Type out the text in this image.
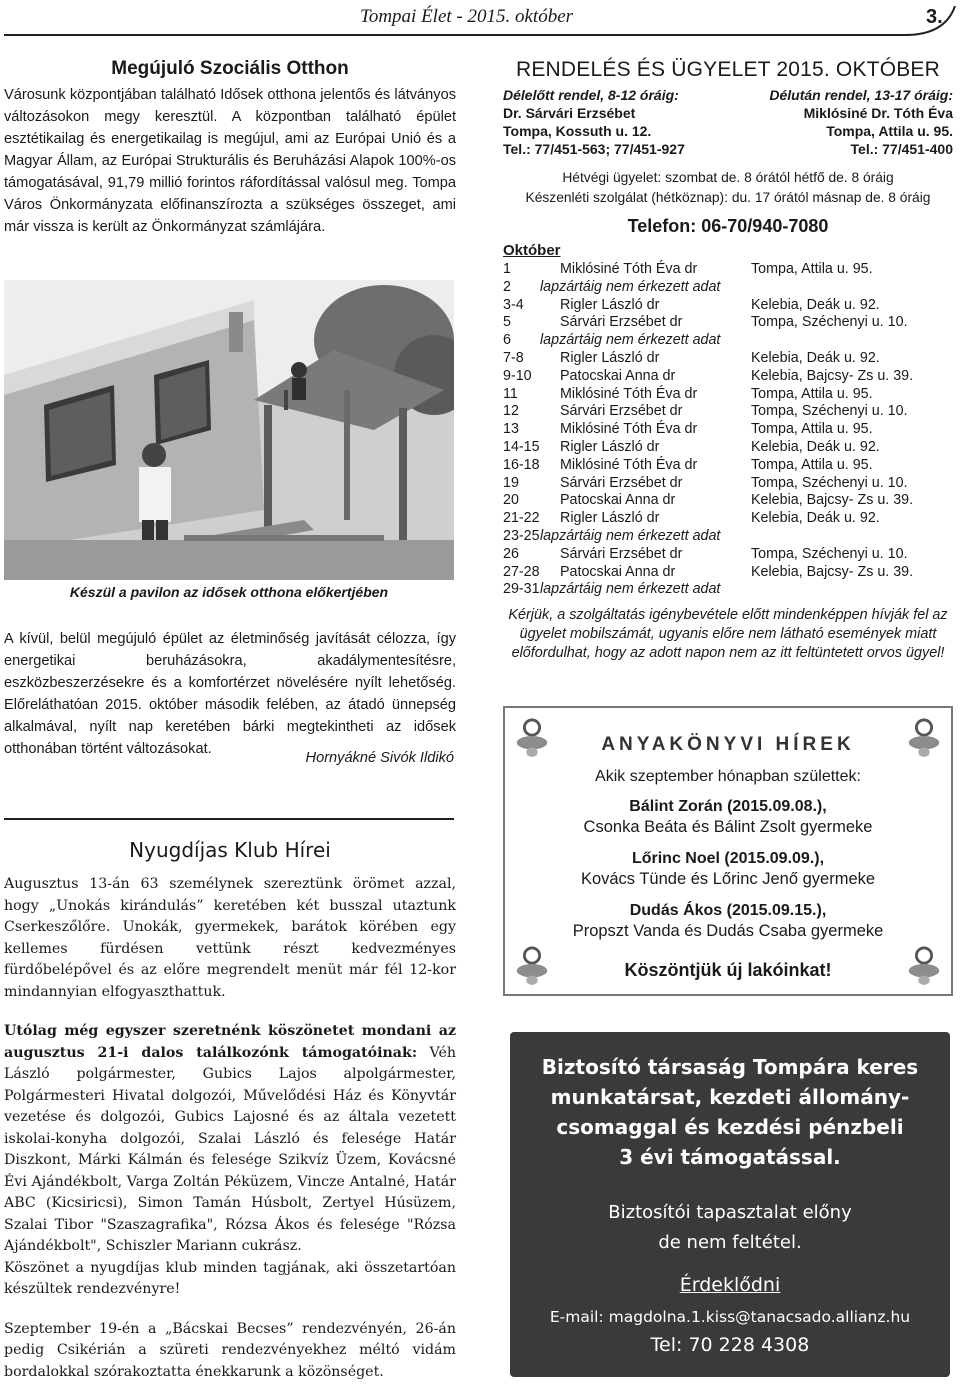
Tompai Élet - 2015. október	3.
Megújuló Szociális Otthon

Városunk központjában található Idősek otthona jelentős és látványos változásokon megy keresztül. A központban található épület esztétikailag és energetikailag is megújul, ami az Európai Unió és a Magyar Állam, az Európai Strukturális és Beruházási Alapok 100%-os támogatásával, 91,79 millió forintos ráfordítással valósul meg. Tompa Város Önkormányzata előfinanszírozta a szükséges összeget, ami már vissza is került az Önkormányzat számlájára.

Készül a pavilon az idősek otthona előkertjében

A kívül, belül megújuló épület az életminőség javítását célozza, így energetikai beruházásokra, akadálymentesítésre, eszközbeszerzésekre és a komfortérzet növelésére nyílt lehetőség. Előreláthatóan 2015. október második felében, az átadó ünnepség alkalmával, nyílt nap keretében bárki megtekintheti az idősek otthonában történt változásokat.

Hornyákné Sivók Ildikó
Nyugdíjas Klub Hírei

Augusztus 13-án 63 személynek szereztünk örömet azzal, hogy „Unokás kirándulás” keretében két busszal utaztunk Cserkeszőlőre. Unokák, gyermekek, barátok körében egy kellemes fürdésen vettünk részt kedvezményes fürdőbelépővel és az előre megrendelt menüt már fél 12-kor mindannyian elfogyaszthattuk.

Utólag még egyszer szeretnénk köszönetet mondani az augusztus 21-i dalos találkozónk támogatóinak: Véh László polgármester, Gubics Lajos alpolgármester, Polgármesteri Hivatal dolgozói, Művelődési Ház és Könyvtár vezetése és dolgozói, Gubics Lajosné és az általa vezetett iskolai-konyha dolgozói, Szalai László és felesége Határ Diszkont, Márki Kálmán és felesége Szikvíz Üzem, Kovácsné Évi Ajándékbolt, Varga Zoltán Péküzem, Vincze Antalné, Határ ABC (Kicsiricsi), Simon Tamán Húsbolt, Zertyel Húsüzem, Szalai Tibor "Szaszagrafika", Rózsa Ákos és felesége "Rózsa Ajándékbolt", Schiszler Mariann cukrász.

Köszönet a nyugdíjas klub minden tagjának, aki összetartóan készültek rendezvényre!

Szeptember 19-én a „Bácskai Becses” rendezvényén, 26-án pedig Csikérián a szüreti rendezvényekhez méltó vidám bordalokkal szórakoztatta énekkarunk a közönséget.

RENDELÉS ÉS ÜGYELET 2015. OKTÓBER
Délelőtt rendel, 8-12 óráig:	Délután rendel, 13-17 óráig:
Dr. Sárvári Erzsébet	Miklósiné Dr. Tóth Éva
Tompa, Kossuth u. 12.	Tompa, Attila u. 95.
Tel.: 77/451-563; 77/451-927	Tel.: 77/451-400
Hétvégi ügyelet: szombat de. 8 órától hétfő de. 8 óráig
Készenléti szolgálat (hétköznap): du. 17 órától másnap de. 8 óráig
Telefon: 06-70/940-7080
Október
1	Miklósiné Tóth Éva dr	Tompa, Attila u. 95.
2 lapzártáig nem érkezett adat
3-4	Rigler László dr	Kelebia, Deák u. 92.
5	Sárvári Erzsébet dr	Tompa, Széchenyi u. 10.
6 lapzártáig nem érkezett adat
7-8	Rigler László dr	Kelebia, Deák u. 92.
9-10 Patocskai Anna dr	Kelebia, Bajcsy- Zs u. 39.
11	Miklósiné Tóth Éva dr	Tompa, Attila u. 95.
12	Sárvári Erzsébet dr	Tompa, Széchenyi u. 10.
13	Miklósiné Tóth Éva dr	Tompa, Attila u. 95.
14-15 Rigler László dr	Kelebia, Deák u. 92.
16-18 Miklósiné Tóth Éva dr	Tompa, Attila u. 95.
19	Sárvári Erzsébet dr	Tompa, Széchenyi u. 10.
20	Patocskai Anna dr	Kelebia, Bajcsy- Zs u. 39.
21-22 Rigler László dr	Kelebia, Deák u. 92.
23-25 lapzártáig nem érkezett adat
26	Sárvári Erzsébet dr	Tompa, Széchenyi u. 10.
27-28 Patocskai Anna dr	Kelebia, Bajcsy- Zs u. 39.
29-31 lapzártáig nem érkezett adat
Kérjük, a szolgáltatás igénybevétele előtt mindenképpen hívják fel az ügyelet mobilszámát, ugyanis előre nem látható események miatt előfordulhat, hogy az adott napon nem az itt feltüntetett orvos ügyel!
ANYAKÖNYVI HÍREK
Akik szeptember hónapban születtek:
Bálint Zorán (2015.09.08.),
Csonka Beáta és Bálint Zsolt gyermeke
Lőrinc Noel (2015.09.09.),
Kovács Tünde és Lőrinc Jenő gyermeke
Dudás Ákos (2015.09.15.),
Propszt Vanda és Dudás Csaba gyermeke
Köszöntjük új lakóinkat!
Biztosító társaság Tompára keres
munkatársat, kezdeti állomány-
csomaggal és kezdési pénzbeli
3 évi támogatással.
Biztosítói tapasztalat előny
de nem feltétel.
Érdeklődni
E-mail: magdolna.1.kiss@tanacsado.allianz.hu
Tel: 70 228 4308
